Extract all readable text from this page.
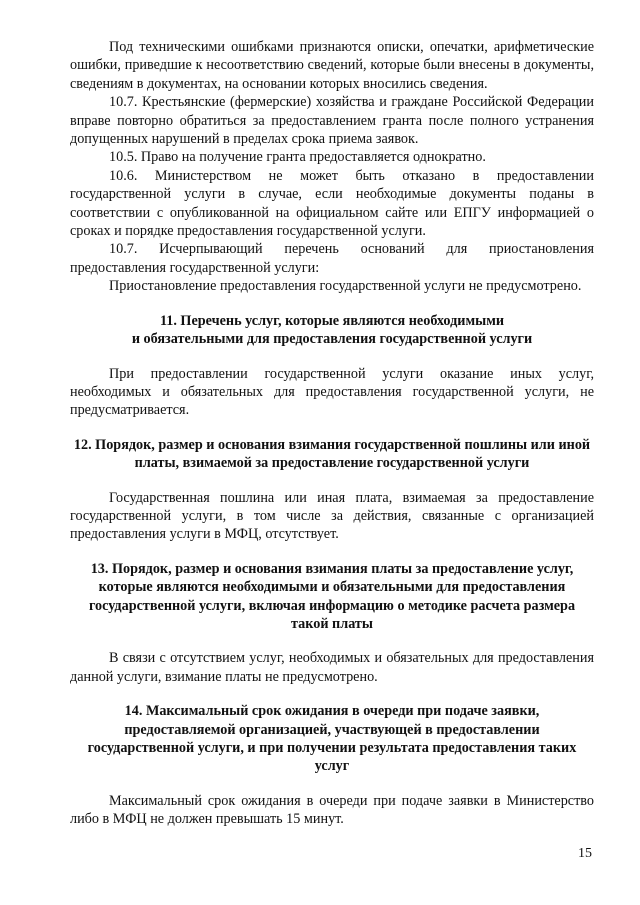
Под техническими ошибками признаются описки, опечатки, арифметические ошибки, приведшие к несоответствию сведений, которые были внесены в документы, сведениям в документах, на основании которых вносились сведения.

10.7. Крестьянские (фермерские) хозяйства и граждане Российской Федерации вправе повторно обратиться за предоставлением гранта после полного устранения допущенных нарушений в пределах срока приема заявок.

10.5. Право на получение гранта предоставляется однократно.

10.6. Министерством не может быть отказано в предоставлении государственной услуги в случае, если необходимые документы поданы в соответствии с опубликованной на официальном сайте или ЕПГУ информацией о сроках и порядке предоставления государственной услуги.

10.7. Исчерпывающий перечень оснований для приостановления предоставления государственной услуги:

Приостановление предоставления государственной услуги не предусмотрено.

11. Перечень услуг, которые являются необходимыми
и обязательными для предоставления государственной услуги

При предоставлении государственной услуги оказание иных услуг, необходимых и обязательных для предоставления государственной услуги, не предусматривается.

12. Порядок, размер и основания взимания государственной пошлины или иной платы, взимаемой за предоставление государственной услуги

Государственная пошлина или иная плата, взимаемая за предоставление государственной услуги, в том числе за действия, связанные с организацией предоставления услуги в МФЦ, отсутствует.

13. Порядок, размер и основания взимания платы за предоставление услуг, которые являются необходимыми и обязательными для предоставления государственной услуги, включая информацию о методике расчета размера такой платы

В связи с отсутствием услуг, необходимых и обязательных для предоставления данной услуги, взимание платы не предусмотрено.

14. Максимальный срок ожидания в очереди при подаче заявки, предоставляемой организацией, участвующей в предоставлении государственной услуги, и при получении результата предоставления таких услуг

Максимальный срок ожидания в очереди при подаче заявки в Министерство либо в МФЦ не должен превышать 15 минут.

15
